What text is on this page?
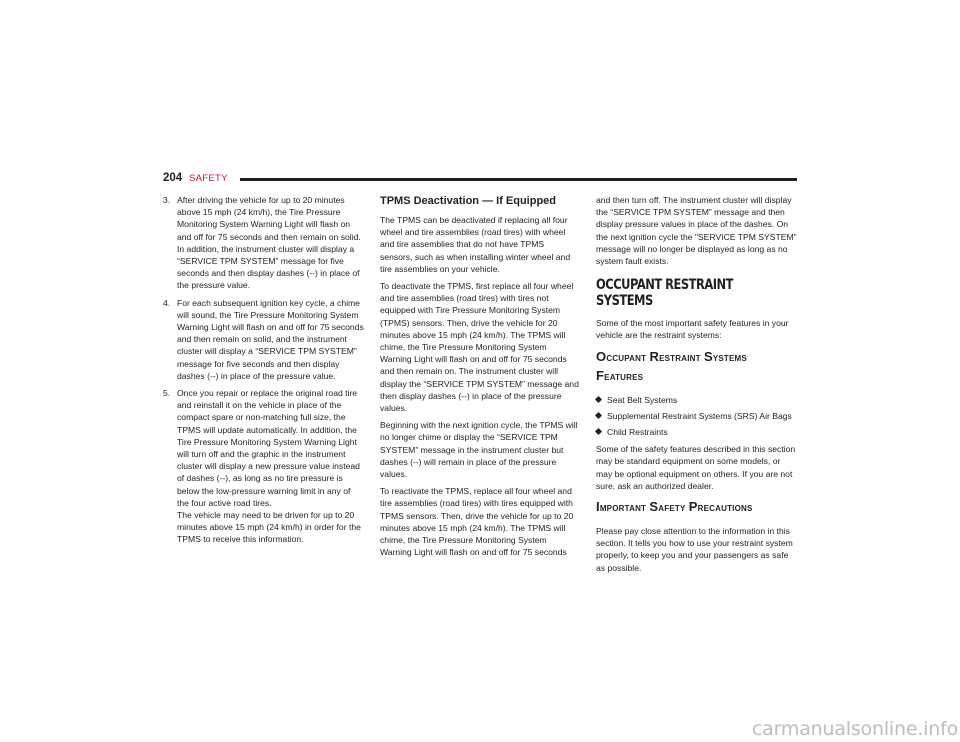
204 SAFETY
3. After driving the vehicle for up to 20 minutes above 15 mph (24 km/h), the Tire Pressure Monitoring System Warning Light will flash on and off for 75 seconds and then remain on solid. In addition, the instrument cluster will display a “SERVICE TPM SYSTEM” message for five seconds and then display dashes (--) in place of the pressure value.
4. For each subsequent ignition key cycle, a chime will sound, the Tire Pressure Monitoring System Warning Light will flash on and off for 75 seconds and then remain on solid, and the instrument cluster will display a “SERVICE TPM SYSTEM” message for five seconds and then display dashes (--) in place of the pressure value.
5. Once you repair or replace the original road tire and reinstall it on the vehicle in place of the compact spare or non-matching full size, the TPMS will update automatically. In addition, the Tire Pressure Monitoring System Warning Light will turn off and the graphic in the instrument cluster will display a new pressure value instead of dashes (--), as long as no tire pressure is below the low-pressure warning limit in any of the four active road tires.
The vehicle may need to be driven for up to 20 minutes above 15 mph (24 km/h) in order for the TPMS to receive this information.
TPMS Deactivation — If Equipped

The TPMS can be deactivated if replacing all four wheel and tire assemblies (road tires) with wheel and tire assemblies that do not have TPMS sensors, such as when installing winter wheel and tire assemblies on your vehicle.

To deactivate the TPMS, first replace all four wheel and tire assemblies (road tires) with tires not equipped with Tire Pressure Monitoring System (TPMS) sensors. Then, drive the vehicle for 20 minutes above 15 mph (24 km/h). The TPMS will chime, the Tire Pressure Monitoring System Warning Light will flash on and off for 75 seconds and then remain on. The instrument cluster will display the “SERVICE TPM SYSTEM” message and then display dashes (--) in place of the pressure values.

Beginning with the next ignition cycle, the TPMS will no longer chime or display the “SERVICE TPM SYSTEM” message in the instrument cluster but dashes (--) will remain in place of the pressure values.

To reactivate the TPMS, replace all four wheel and tire assemblies (road tires) with tires equipped with TPMS sensors. Then, drive the vehicle for up to 20 minutes above 15 mph (24 km/h). The TPMS will chime, the Tire Pressure Monitoring System Warning Light will flash on and off for 75 seconds

and then turn off. The instrument cluster will display the “SERVICE TPM SYSTEM” message and then display pressure values in place of the dashes. On the next ignition cycle the "SERVICE TPM SYSTEM" message will no longer be displayed as long as no system fault exists.

OCCUPANT RESTRAINT SYSTEMS

Some of the most important safety features in your vehicle are the restraint systems:

Occupant Restraint Systems
Features
Seat Belt Systems
Supplemental Restraint Systems (SRS) Air Bags
Child Restraints

Some of the safety features described in this section may be standard equipment on some models, or may be optional equipment on others. If you are not sure, ask an authorized dealer.

Important Safety Precautions

Please pay close attention to the information in this section. It tells you how to use your restraint system properly, to keep you and your passengers as safe as possible.

carmanualsonline.info
